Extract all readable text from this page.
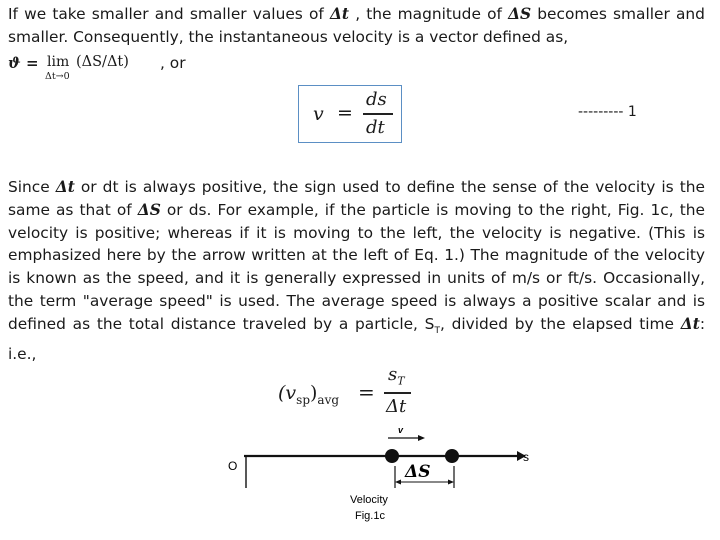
If we take smaller and smaller values of Δt , the magnitude of ΔS becomes smaller and smaller. Consequently, the instantaneous velocity is a vector defined as,
ϑ = lim
Δt→0
(ΔS/Δt) , or
v =
ds
dt
--------- 1
Since Δt or dt is always positive, the sign used to define the sense of the velocity is the same as that of ΔS or ds. For example, if the particle is moving to the right, Fig. 1c, the velocity is positive; whereas if it is moving to the left, the velocity is negative. (This is emphasized here by the arrow written at the left of Eq. 1.) The magnitude of the velocity is known as the speed, and it is generally expressed in units of m/s or ft/s. Occasionally, the term "average speed" is used. The average speed is always a positive scalar and is defined as the total distance traveled by a particle, $S_T$, divided by the elapsed time Δt: i.e.,
$(v_{sp})_{avg}$ =
$s_T$
Δt
v
O
s
ΔS
Velocity
Fig.1c
